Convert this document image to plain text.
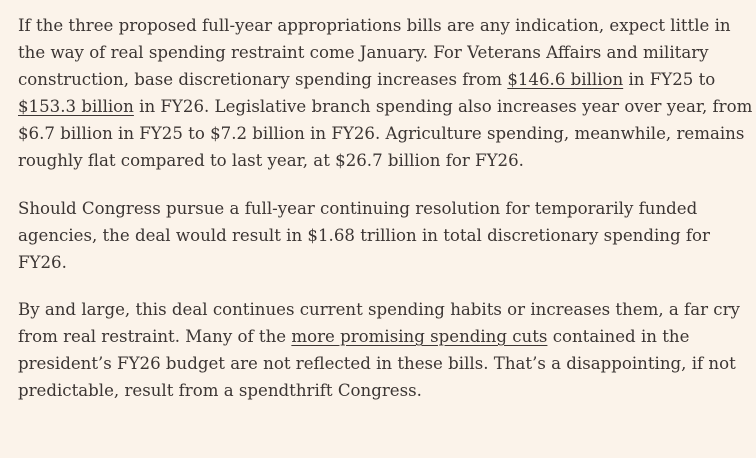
If the three proposed full-year appropriations bills are any indication, expect little in
the way of real spending restraint come January. For Veterans Affairs and military
construction, base discretionary spending increases from $146.6 billion in FY25 to
$153.3 billion in FY26. Legislative branch spending also increases year over year, from
$6.7 billion in FY25 to $7.2 billion in FY26. Agriculture spending, meanwhile, remains
roughly flat compared to last year, at $26.7 billion for FY26.

Should Congress pursue a full-year continuing resolution for temporarily funded
agencies, the deal would result in $1.68 trillion in total discretionary spending for
FY26.

By and large, this deal continues current spending habits or increases them, a far cry
from real restraint. Many of the more promising spending cuts contained in the
president’s FY26 budget are not reflected in these bills. That’s a disappointing, if not
predictable, result from a spendthrift Congress.
